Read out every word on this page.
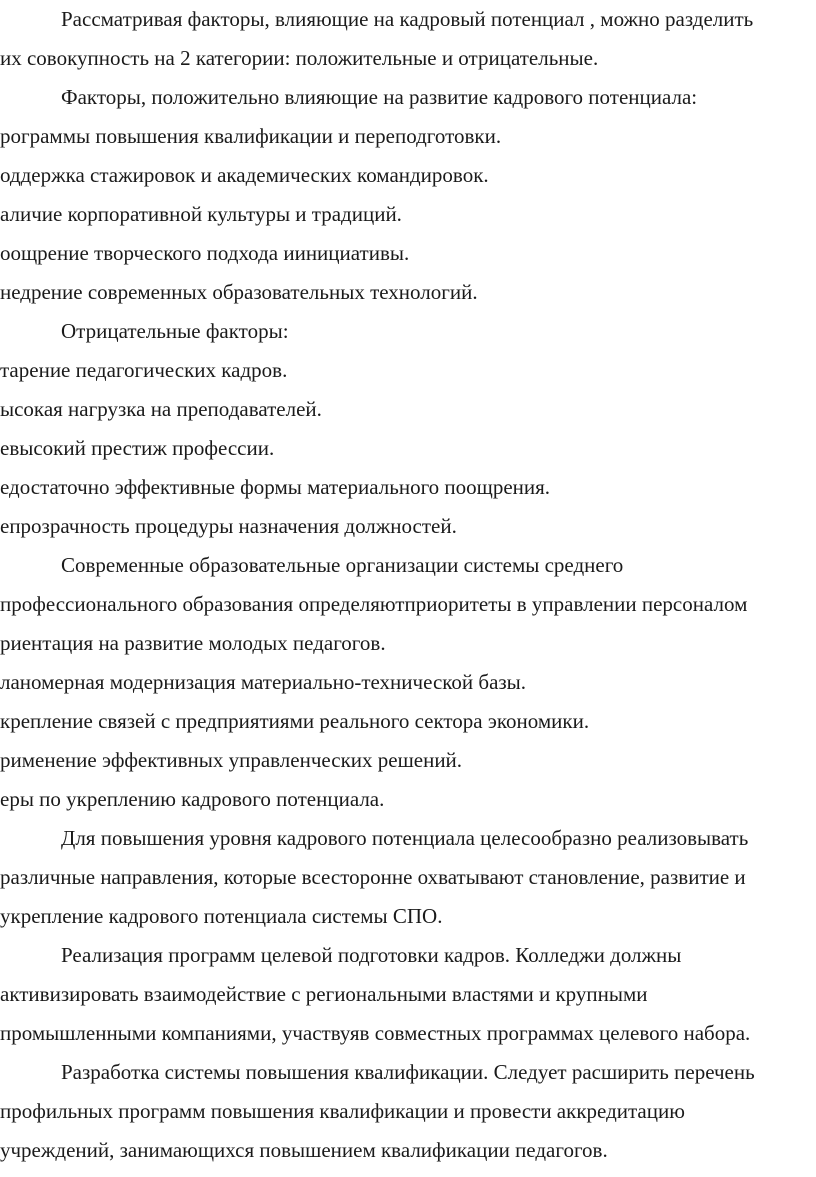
Рассматривая факторы, влияющие на кадровый потенциал , можно разделить
их совокупность на 2 категории: положительные и отрицательные.
Факторы, положительно влияющие на развитие кадрового потенциала:
рограммы повышения квалификации и переподготовки.
оддержка стажировок и академических командировок.
аличие корпоративной культуры и традиций.
оощрение творческого подхода иинициативы.
недрение современных образовательных технологий.
Отрицательные факторы:
тарение педагогических кадров.
ысокая нагрузка на преподавателей.
евысокий престиж профессии.
едостаточно эффективные формы материального поощрения.
епрозрачность процедуры назначения должностей.
Современные образовательные организации системы среднего
профессионального образования определяютприоритеты в управлении персоналом
риентация на развитие молодых педагогов.
ланомерная модернизация материально-технической базы.
крепление связей с предприятиями реального сектора экономики.
рименение эффективных управленческих решений.
еры по укреплению кадрового потенциала.
Для повышения уровня кадрового потенциала целесообразно реализовывать
различные направления, которые всесторонне охватывают становление, развитие и
укрепление кадрового потенциала системы СПО.
Реализация программ целевой подготовки кадров. Колледжи должны
активизировать взаимодействие с региональными властями и крупными
промышленными компаниями, участвуяв совместных программах целевого набора.
Разработка системы повышения квалификации. Следует расширить перечень
профильных программ повышения квалификации и провести аккредитацию
учреждений, занимающихся повышением квалификации педагогов.
